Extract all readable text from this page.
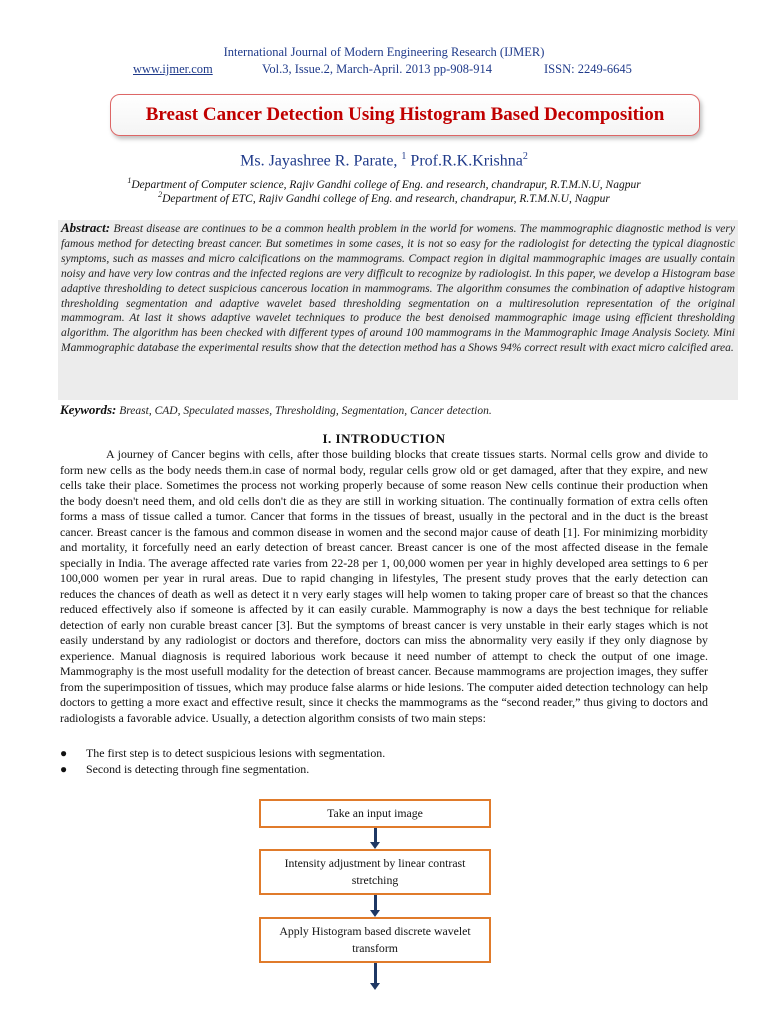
International Journal of Modern Engineering Research (IJMER)
www.ijmer.com	Vol.3, Issue.2, March-April. 2013 pp-908-914	ISSN: 2249-6645
Breast Cancer Detection Using Histogram Based Decomposition
Ms. Jayashree R. Parate, $^1$ Prof.R.K.Krishna$^2$
$^1$Department of Computer science, Rajiv Gandhi college of Eng. and research, chandrapur, R.T.M.N.U, Nagpur
$^2$Department of ETC, Rajiv Gandhi college of Eng. and research, chandrapur, R.T.M.N.U, Nagpur
Abstract: Breast disease are continues to be a common health problem in the world for womens. The mammographic diagnostic method is very famous method for detecting breast cancer. But sometimes in some cases, it is not so easy for the radiologist for detecting the typical diagnostic symptoms, such as masses and micro calcifications on the mammograms. Compact region in digital mammographic images are usually contain noisy and have very low contras and the infected regions are very difficult to recognize by radiologist. In this paper, we develop a Histogram base adaptive thresholding to detect suspicious cancerous location in mammograms. The algorithm consumes the combination of adaptive histogram thresholding segmentation and adaptive wavelet based thresholding segmentation on a multiresolution representation of the original mammogram. At last it shows adaptive wavelet techniques to produce the best denoised mammographic image using efficient thresholding algorithm. The algorithm has been checked with different types of around 100 mammograms in the Mammographic Image Analysis Society. Mini Mammographic database the experimental results show that the detection method has a Shows 94% correct result with exact micro calcified area.
Keywords: Breast, CAD, Speculated masses, Thresholding, Segmentation, Cancer detection.
I. INTRODUCTION

A journey of Cancer begins with cells, after those building blocks that create tissues starts. Normal cells grow and divide to form new cells as the body needs them.in case of normal body, regular cells grow old or get damaged, after that they expire, and new cells take their place. Sometimes the process not working properly because of some reason New cells continue their production when the body doesn't need them, and old cells don't die as they are still in working situation. The continually formation of extra cells often forms a mass of tissue called a tumor. Cancer that forms in the tissues of breast, usually in the pectoral and in the duct is the breast cancer. Breast cancer is the famous and common disease in women and the second major cause of death [1]. For minimizing morbidity and mortality, it forcefully need an early detection of breast cancer. Breast cancer is one of the most affected disease in the female specially in India. The average affected rate varies from 22-28 per 1, 00,000 women per year in highly developed area settings to 6 per 100,000 women per year in rural areas. Due to rapid changing in lifestyles, The present study proves that the early detection can reduces the chances of death as well as detect it n very early stages will help women to taking proper care of breast so that the chances reduced effectively also if someone is affected by it can easily curable. Mammography is now a days the best technique for reliable detection of early non curable breast cancer [3]. But the symptoms of breast cancer is very unstable in their early stages which is not easily understand by any radiologist or doctors and therefore, doctors can miss the abnormality very easily if they only diagnose by experience. Manual diagnosis is required laborious work because it need number of attempt to check the output of one image. Mammography is the most usefull modality for the detection of breast cancer. Because mammograms are projection images, they suffer from the superimposition of tissues, which may produce false alarms or hide lesions. The computer aided detection technology can help doctors to getting a more exact and effective result, since it checks the mammograms as the “second reader,” thus giving to doctors and radiologists a favorable advice. Usually, a detection algorithm consists of two main steps:

●	The first step is to detect suspicious lesions with segmentation.
●	Second is detecting through fine segmentation.
Take an input image
Intensity adjustment by linear contrast stretching
Apply Histogram based discrete wavelet transform
